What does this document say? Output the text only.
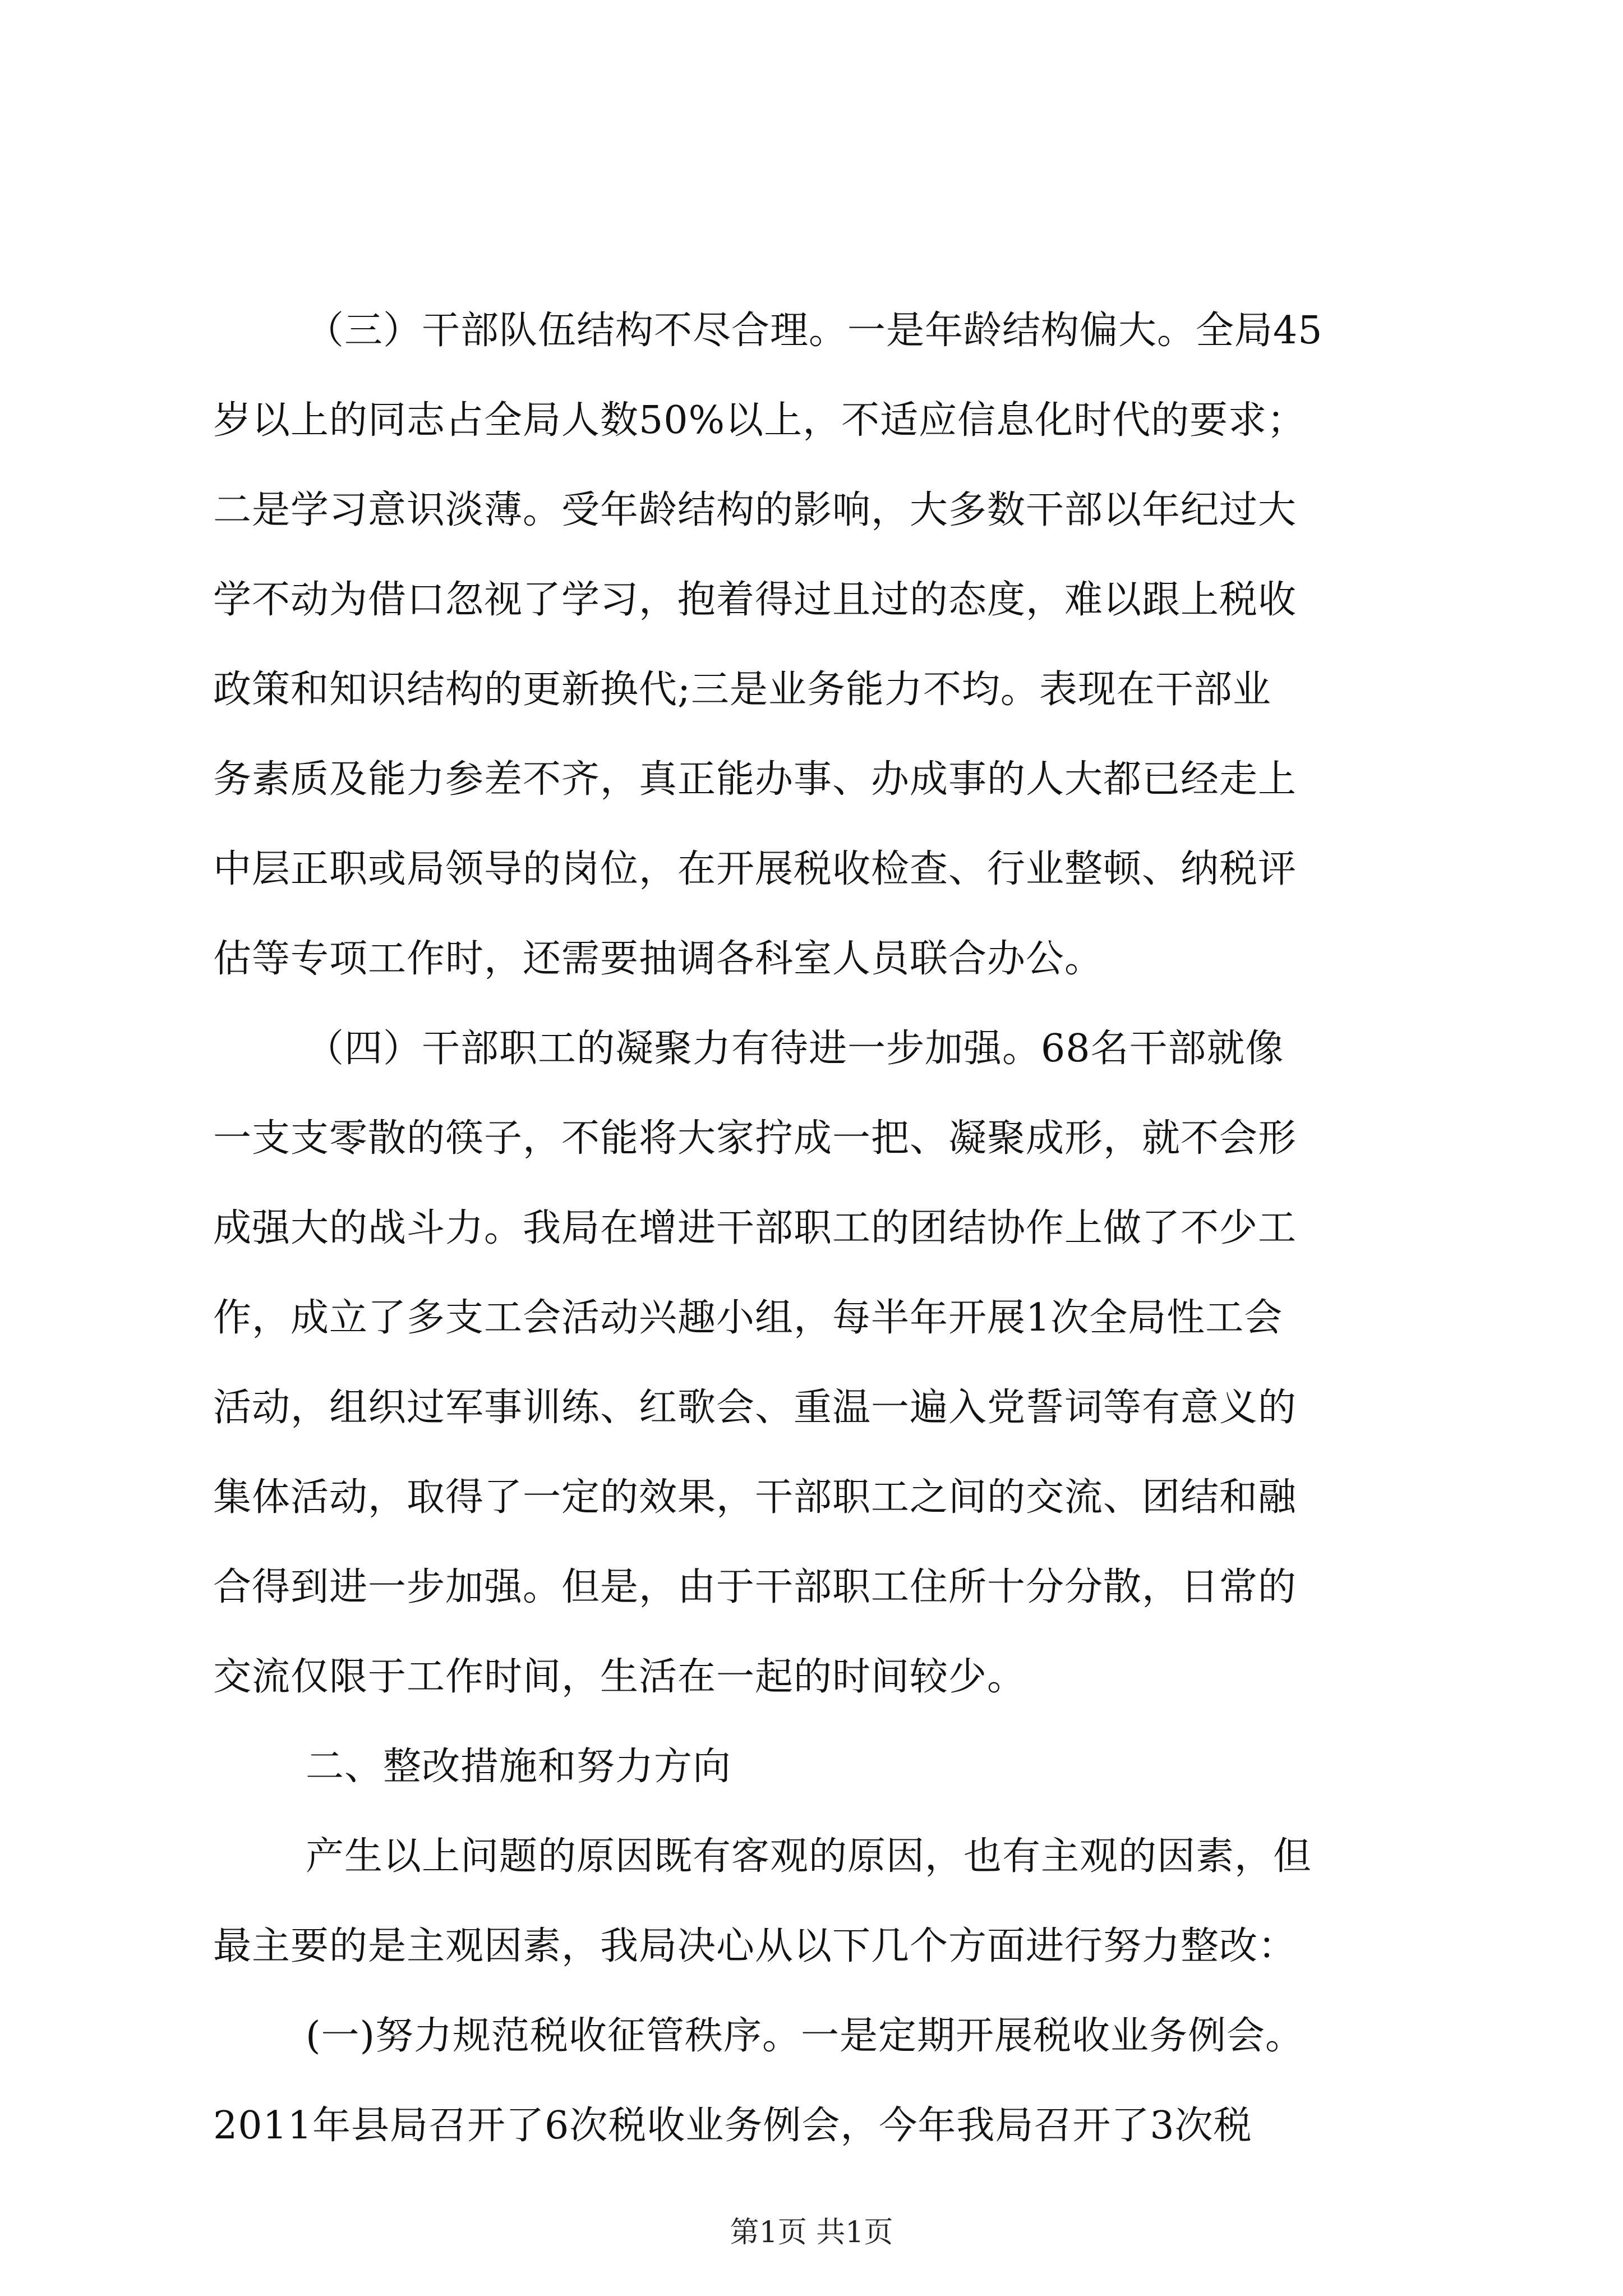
（三）干部队伍结构不尽合理。一是年龄结构偏大。全局45
岁以上的同志占全局人数50%以上，不适应信息化时代的要求；
二是学习意识淡薄。受年龄结构的影响，大多数干部以年纪过大
学不动为借口忽视了学习，抱着得过且过的态度，难以跟上税收
政策和知识结构的更新换代;三是业务能力不均。表现在干部业
务素质及能力参差不齐，真正能办事、办成事的人大都已经走上
中层正职或局领导的岗位，在开展税收检查、行业整顿、纳税评
估等专项工作时，还需要抽调各科室人员联合办公。
（四）干部职工的凝聚力有待进一步加强。68名干部就像
一支支零散的筷子，不能将大家拧成一把、凝聚成形，就不会形
成强大的战斗力。我局在增进干部职工的团结协作上做了不少工
作，成立了多支工会活动兴趣小组，每半年开展1次全局性工会
活动，组织过军事训练、红歌会、重温一遍入党誓词等有意义的
集体活动，取得了一定的效果，干部职工之间的交流、团结和融
合得到进一步加强。但是，由于干部职工住所十分分散，日常的
交流仅限于工作时间，生活在一起的时间较少。
二、整改措施和努力方向
产生以上问题的原因既有客观的原因，也有主观的因素，但
最主要的是主观因素，我局决心从以下几个方面进行努力整改：
(一)努力规范税收征管秩序。一是定期开展税收业务例会。
2011年县局召开了6次税收业务例会，今年我局召开了3次税
第1页 共1页
